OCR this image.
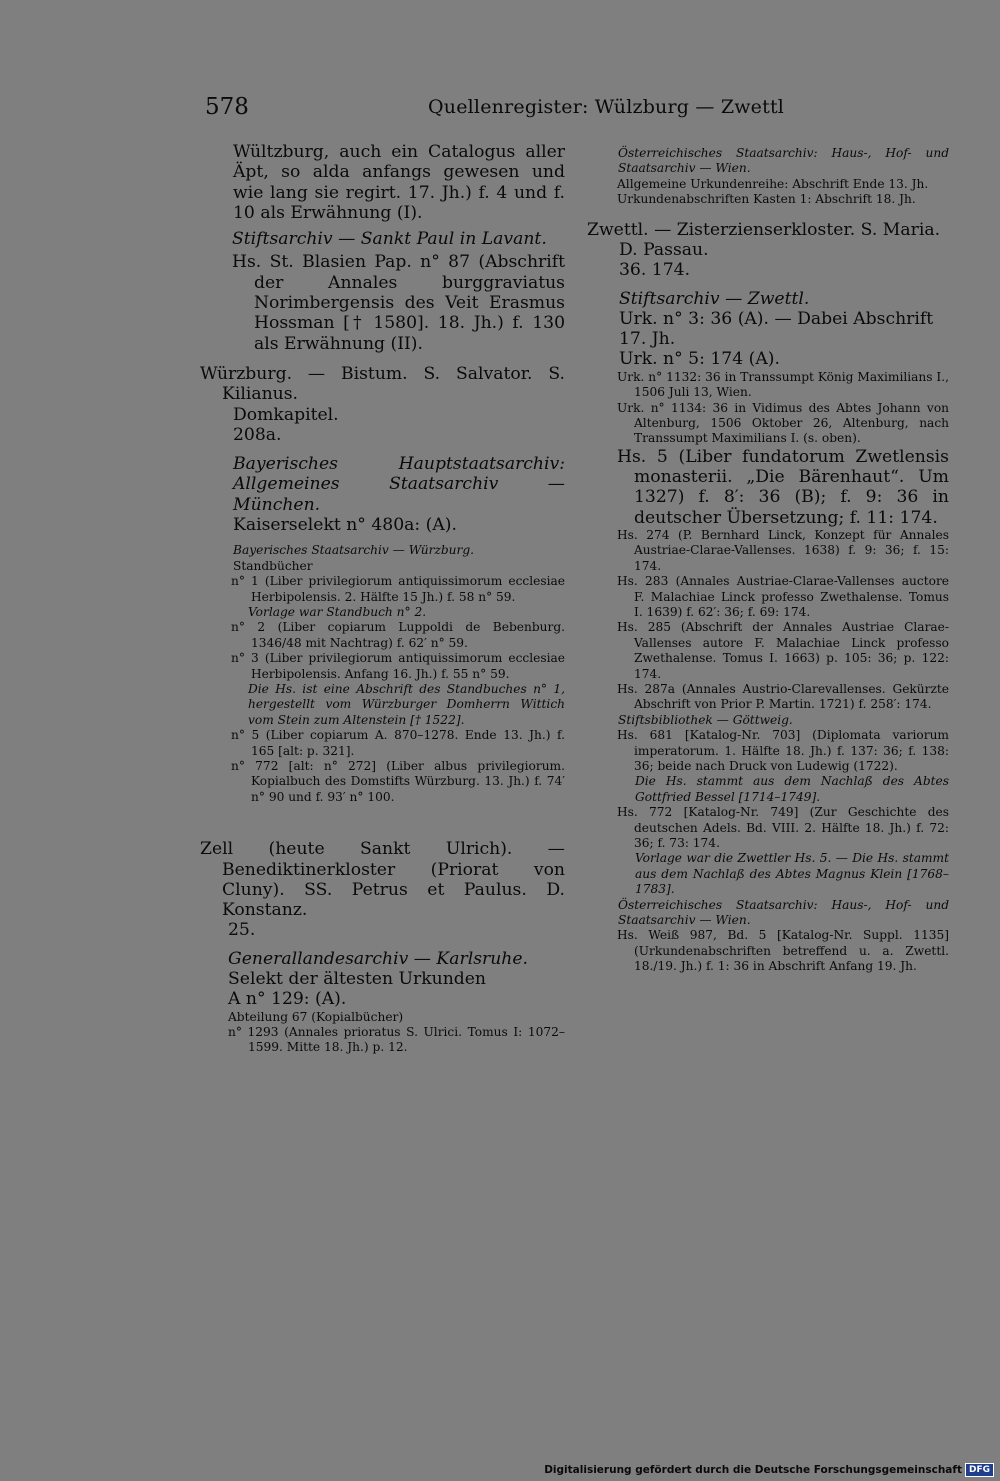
578	Quellenregister: Wülzburg — Zwettl

Wültzburg, auch ein Catalogus aller Äpt, so alda anfangs gewesen und wie lang sie regirt. 17. Jh.) f. 4 und f. 10 als Erwähnung (I).

Stiftsarchiv — Sankt Paul in Lavant.

Hs. St. Blasien Pap. n° 87 (Abschrift der Annales burggraviatus Norimbergensis des Veit Erasmus Hossman [† 1580]. 18. Jh.) f. 130 als Erwähnung (II).

Würzburg. — Bistum. S. Salvator. S. Kilianus.

Domkapitel.

208a.

Bayerisches Hauptstaatsarchiv: Allgemeines Staatsarchiv — München.

Kaiserselekt n° 480a: (A).

Bayerisches Staatsarchiv — Würzburg.

Standbücher

n° 1 (Liber privilegiorum antiquissimorum ecclesiae Herbipolensis. 2. Hälfte 15 Jh.) f. 58 n° 59.

Vorlage war Standbuch n° 2.

n° 2 (Liber copiarum Luppoldi de Bebenburg. 1346/48 mit Nachtrag) f. 62′ n° 59.

n° 3 (Liber privilegiorum antiquissimorum ecclesiae Herbipolensis. Anfang 16. Jh.) f. 55 n° 59.

Die Hs. ist eine Abschrift des Standbuches n° 1, hergestellt vom Würzburger Domherrn Wittich vom Stein zum Altenstein [† 1522].

n° 5 (Liber copiarum A. 870–1278. Ende 13. Jh.) f. 165 [alt: p. 321].

n° 772 [alt: n° 272] (Liber albus privilegiorum. Kopialbuch des Domstifts Würzburg. 13. Jh.) f. 74′ n° 90 und f. 93′ n° 100.

Zell (heute Sankt Ulrich). — Benediktinerkloster (Priorat von Cluny). SS. Petrus et Paulus. D. Konstanz.

25.

Generallandesarchiv — Karlsruhe.

Selekt der ältesten Urkunden

A n° 129: (A).

Abteilung 67 (Kopialbücher)

n° 1293 (Annales prioratus S. Ulrici. Tomus I: 1072–1599. Mitte 18. Jh.) p. 12.

Österreichisches Staatsarchiv: Haus-, Hof- und Staatsarchiv — Wien.

Allgemeine Urkundenreihe: Abschrift Ende 13. Jh.

Urkundenabschriften Kasten 1: Abschrift 18. Jh.

Zwettl. — Zisterzienserkloster. S. Maria.

D. Passau.

36. 174.

Stiftsarchiv — Zwettl.

Urk. n° 3: 36 (A). — Dabei Abschrift 17. Jh.

Urk. n° 5: 174 (A).

Urk. n° 1132: 36 in Transsumpt König Maximilians I., 1506 Juli 13, Wien.

Urk. n° 1134: 36 in Vidimus des Abtes Johann von Altenburg, 1506 Oktober 26, Altenburg, nach Transsumpt Maximilians I. (s. oben).

Hs. 5 (Liber fundatorum Zwetlensis monasterii. „Die Bärenhaut“. Um 1327) f. 8′: 36 (B); f. 9: 36 in deutscher Übersetzung; f. 11: 174.

Hs. 274 (P. Bernhard Linck, Konzept für Annales Austriae-Clarae-Vallenses. 1638) f. 9: 36; f. 15: 174.

Hs. 283 (Annales Austriae-Clarae-Vallenses auctore F. Malachiae Linck professo Zwethalense. Tomus I. 1639) f. 62′: 36; f. 69: 174.

Hs. 285 (Abschrift der Annales Austriae Clarae-Vallenses autore F. Malachiae Linck professo Zwethalense. Tomus I. 1663) p. 105: 36; p. 122: 174.

Hs. 287a (Annales Austrio-Clarevallenses. Gekürzte Abschrift von Prior P. Martin. 1721) f. 258′: 174.

Stiftsbibliothek — Göttweig.

Hs. 681 [Katalog-Nr. 703] (Diplomata variorum imperatorum. 1. Hälfte 18. Jh.) f. 137: 36; f. 138: 36; beide nach Druck von Ludewig (1722).

Die Hs. stammt aus dem Nachlaß des Abtes Gottfried Bessel [1714–1749].

Hs. 772 [Katalog-Nr. 749] (Zur Geschichte des deutschen Adels. Bd. VIII. 2. Hälfte 18. Jh.) f. 72: 36; f. 73: 174.

Vorlage war die Zwettler Hs. 5. — Die Hs. stammt aus dem Nachlaß des Abtes Magnus Klein [1768–1783].

Österreichisches Staatsarchiv: Haus-, Hof- und Staatsarchiv — Wien.

Hs. Weiß 987, Bd. 5 [Katalog-Nr. Suppl. 1135] (Urkundenabschriften betreffend u. a. Zwettl. 18./19. Jh.) f. 1: 36 in Abschrift Anfang 19. Jh.

Digitalisierung gefördert durch die Deutsche Forschungsgemeinschaft DFG
